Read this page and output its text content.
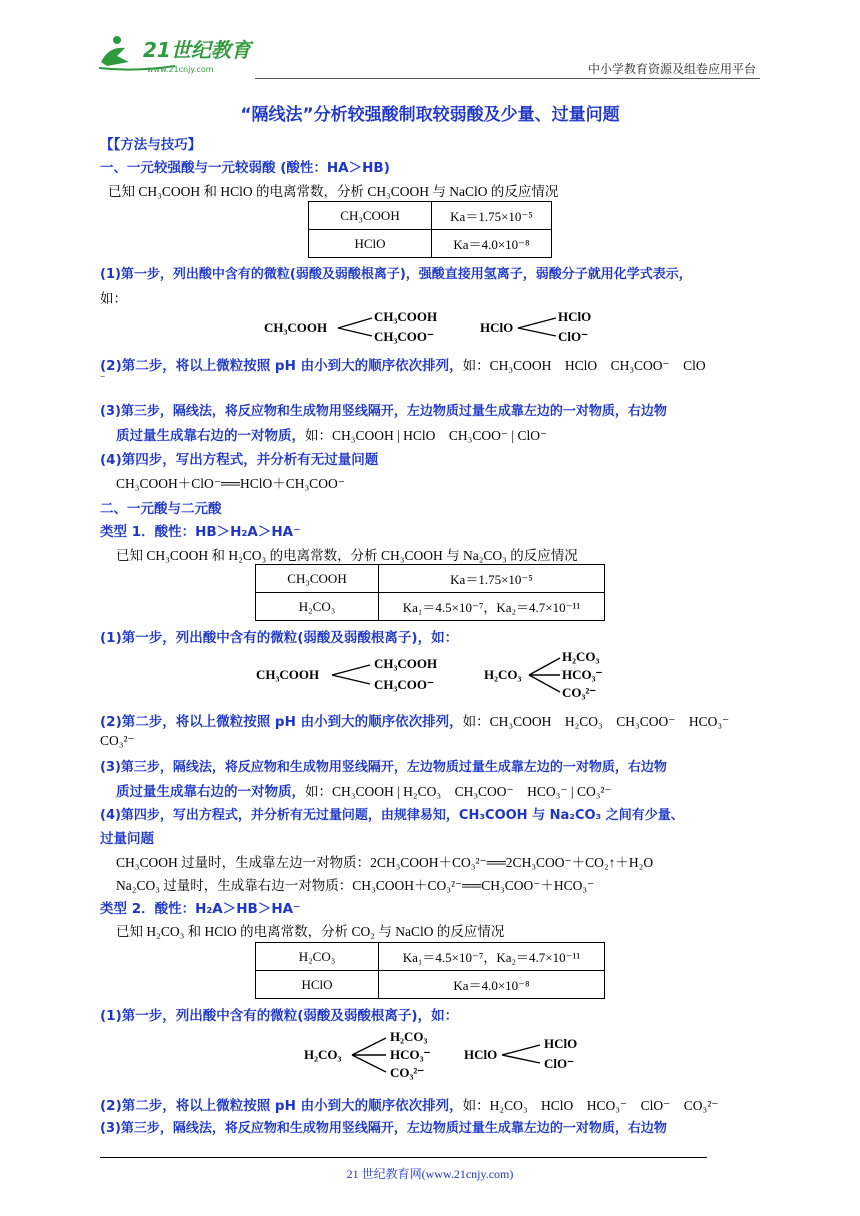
21世纪教育
www.21cnjy.com	中小学教育资源及组卷应用平台
“隔线法”分析较强酸制取较弱酸及少量、过量问题
【【方法与技巧】
一、一元较强酸与一元较弱酸 (酸性：HA＞HB)
已知 CH₃COOH 和 HClO 的电离常数，分析 CH₃COOH 与 NaClO 的反应情况
CH₃COOH	Ka＝1.75×10⁻⁵
HClO	Ka＝4.0×10⁻⁸
(1)第一步，列出酸中含有的微粒(弱酸及弱酸根离子)，强酸直接用氢离子，弱酸分子就用化学式表示，
如：
CH₃COOH
CH₃COOH
CH₃COO⁻
HClO
HClO
ClO⁻
(2)第二步，将以上微粒按照 pH 由小到大的顺序依次排列，如：CH₃COOH　HClO　CH₃COO⁻　ClO
⁻
(3)第三步，隔线法，将反应物和生成物用竖线隔开，左边物质过量生成靠左边的一对物质，右边物
质过量生成靠右边的一对物质，如：CH₃COOH | HClO　CH₃COO⁻ | ClO⁻
(4)第四步，写出方程式，并分析有无过量问题
CH₃COOH＋ClO⁻══HClO＋CH₃COO⁻
二、一元酸与二元酸
类型 1．酸性：HB＞H₂A＞HA⁻
已知 CH₃COOH 和 H₂CO₃ 的电离常数，分析 CH₃COOH 与 Na₂CO₃ 的反应情况
CH₃COOH	Ka＝1.75×10⁻⁵
H₂CO₃	Ka₁＝4.5×10⁻⁷，Ka₂＝4.7×10⁻¹¹
(1)第一步，列出酸中含有的微粒(弱酸及弱酸根离子)，如：
CH₃COOH
CH₃COOH
CH₃COO⁻
H₂CO₃
H₂CO₃
HCO₃⁻
CO₃²⁻
(2)第二步，将以上微粒按照 pH 由小到大的顺序依次排列，如：CH₃COOH　H₂CO₃　CH₃COO⁻　HCO₃⁻
CO₃²⁻
(3)第三步，隔线法，将反应物和生成物用竖线隔开，左边物质过量生成靠左边的一对物质，右边物
质过量生成靠右边的一对物质，如：CH₃COOH | H₂CO₃　CH₃COO⁻　HCO₃⁻ | CO₃²⁻
(4)第四步，写出方程式，并分析有无过量问题，由规律易知，CH₃COOH 与 Na₂CO₃ 之间有少量、
过量问题
CH₃COOH 过量时，生成靠左边一对物质：2CH₃COOH＋CO₃²⁻══2CH₃COO⁻＋CO₂↑＋H₂O
Na₂CO₃ 过量时，生成靠右边一对物质：CH₃COOH＋CO₃²⁻══CH₃COO⁻＋HCO₃⁻
类型 2．酸性：H₂A＞HB＞HA⁻
已知 H₂CO₃ 和 HClO 的电离常数，分析 CO₂ 与 NaClO 的反应情况
H₂CO₃	Ka₁＝4.5×10⁻⁷，Ka₂＝4.7×10⁻¹¹
HClO	Ka＝4.0×10⁻⁸
(1)第一步，列出酸中含有的微粒(弱酸及弱酸根离子)，如：
H₂CO₃
H₂CO₃
HCO₃⁻
CO₃²⁻
HClO
HClO
ClO⁻
(2)第二步，将以上微粒按照 pH 由小到大的顺序依次排列，如：H₂CO₃　HClO　HCO₃⁻　ClO⁻　CO₃²⁻
(3)第三步，隔线法，将反应物和生成物用竖线隔开，左边物质过量生成靠左边的一对物质，右边物
21 世纪教育网(www.21cnjy.com)
